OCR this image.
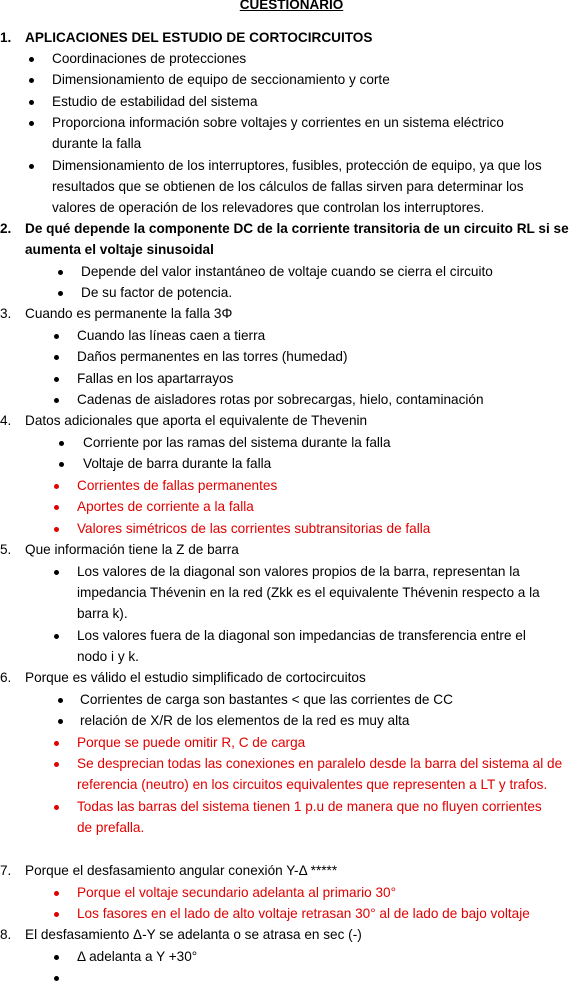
CUESTIONARIO
1. APLICACIONES DEL ESTUDIO DE CORTOCIRCUITOS
Coordinaciones de protecciones
Dimensionamiento de equipo de seccionamiento y corte
Estudio de estabilidad del sistema
Proporciona información sobre voltajes y corrientes en un sistema eléctrico
durante la falla
Dimensionamiento de los interruptores, fusibles, protección de equipo, ya que los
resultados que se obtienen de los cálculos de fallas sirven para determinar los
valores de operación de los relevadores que controlan los interruptores.
2. De qué depende la componente DC de la corriente transitoria de un circuito RL si se
aumenta el voltaje sinusoidal
Depende del valor instantáneo de voltaje cuando se cierra el circuito
De su factor de potencia.
3. Cuando es permanente la falla 3Φ
Cuando las líneas caen a tierra
Daños permanentes en las torres (humedad)
Fallas en los apartarrayos
Cadenas de aisladores rotas por sobrecargas, hielo, contaminación
4. Datos adicionales que aporta el equivalente de Thevenin
Corriente por las ramas del sistema durante la falla
Voltaje de barra durante la falla
Corrientes de fallas permanentes
Aportes de corriente a la falla
Valores simétricos de las corrientes subtransitorias de falla
5. Que información tiene la Z de barra
Los valores de la diagonal son valores propios de la barra, representan la
impedancia Thévenin en la red (Zkk es el equivalente Thévenin respecto a la
barra k).
Los valores fuera de la diagonal son impedancias de transferencia entre el
nodo i y k.
6. Porque es válido el estudio simplificado de cortocircuitos
Corrientes de carga son bastantes < que las corrientes de CC
relación de X/R de los elementos de la red es muy alta
Porque se puede omitir R, C de carga
Se desprecian todas las conexiones en paralelo desde la barra del sistema al de
referencia (neutro) en los circuitos equivalentes que representen a LT y trafos.
Todas las barras del sistema tienen 1 p.u de manera que no fluyen corrientes
de prefalla.
7. Porque el desfasamiento angular conexión Y-Δ *****
Porque el voltaje secundario adelanta al primario 30°
Los fasores en el lado de alto voltaje retrasan 30° al de lado de bajo voltaje
8. El desfasamiento Δ-Y se adelanta o se atrasa en sec (-)
Δ adelanta a Y +30°
